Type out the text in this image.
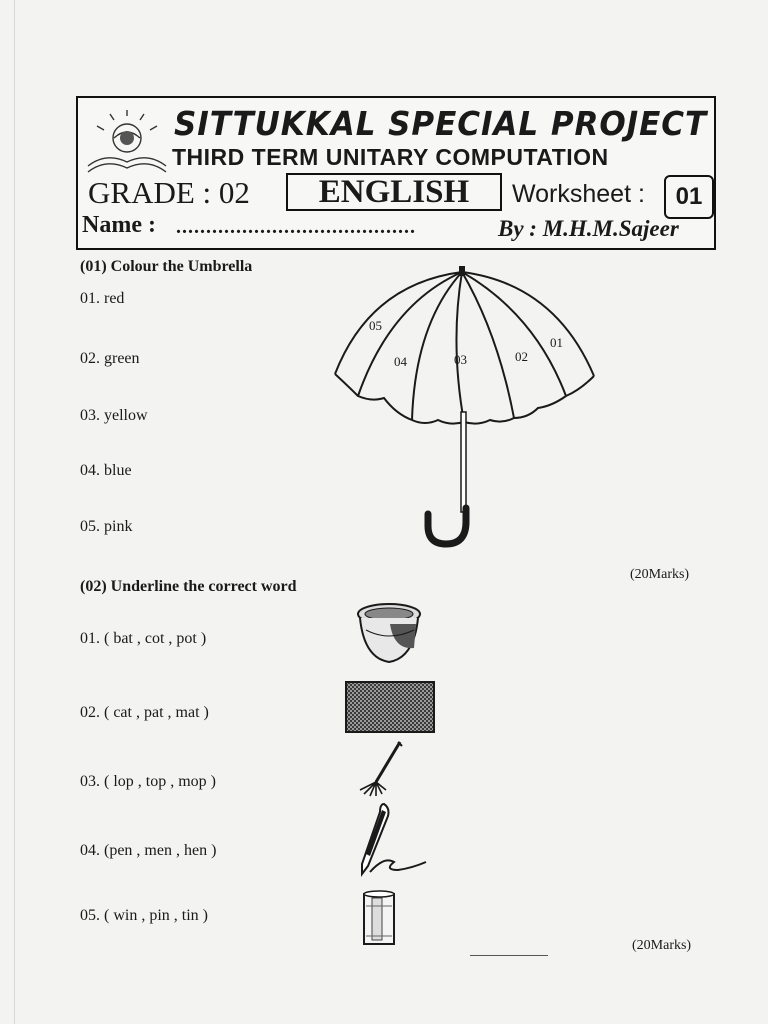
SITTUKKAL SPECIAL PROJECT
THIRD TERM UNITARY COMPUTATION
GRADE : 02	ENGLISH	Worksheet :	01
Name : ........................................	By : M.H.M.Sajeer
(01) Colour the Umbrella
01. red
02. green
03. yellow
04. blue
05. pink
05
04	03	02
01
(20Marks)
(02) Underline the correct word
01. ( bat , cot , pot )
02. ( cat , pat , mat )
03. ( lop , top , mop )
04. (pen , men , hen )
05. ( win , pin , tin )
(20Marks)
